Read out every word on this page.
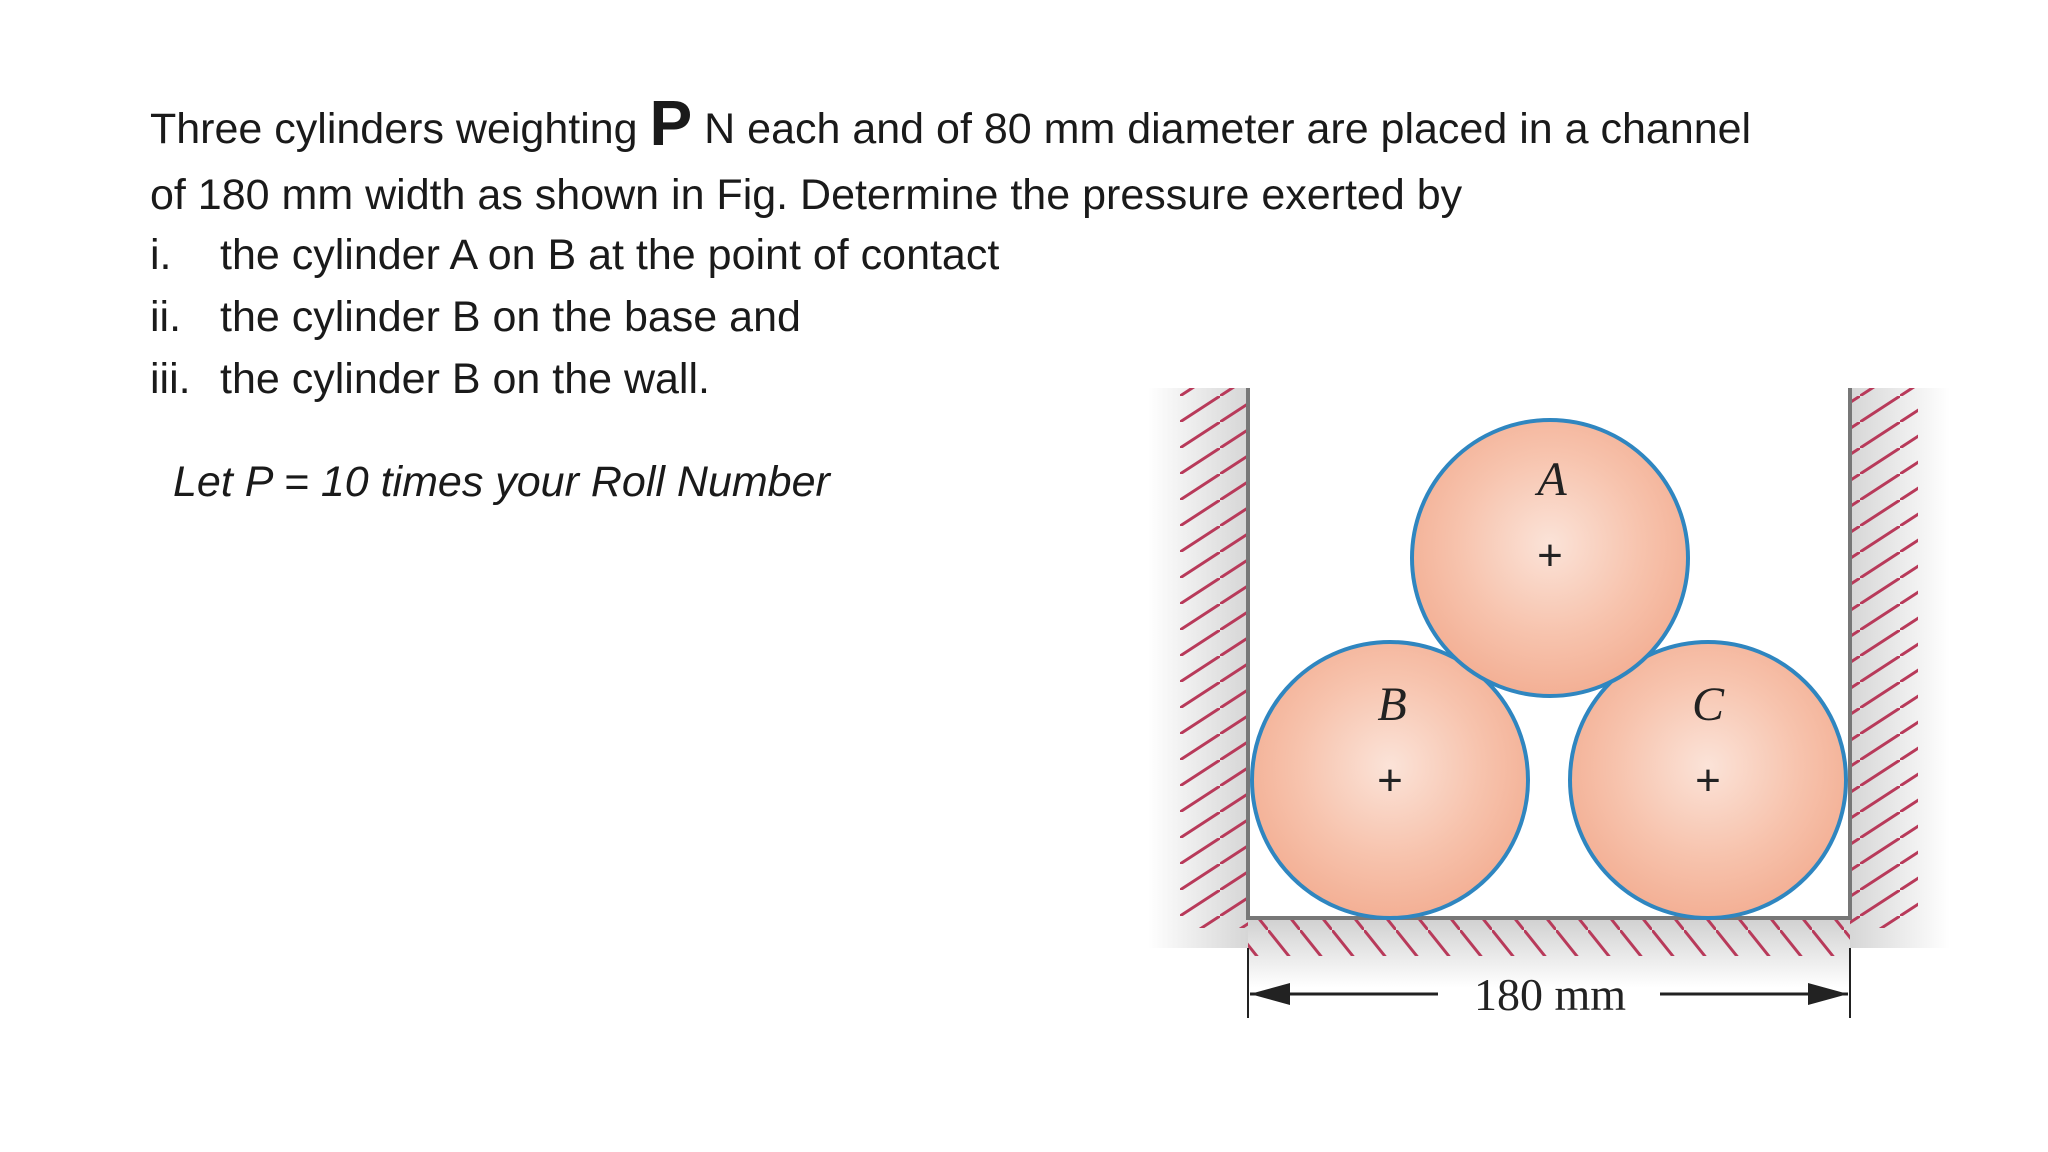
Three cylinders weighting P N each and of 80 mm diameter are placed in a channel
of 180 mm width as shown in Fig. Determine the pressure exerted by
i.	the cylinder A on B at the point of contact
ii. the cylinder B on the base and
iii. the cylinder B on the wall.
Let P = 10 times your Roll Number
B
+
C
+
A
+
180 mm
